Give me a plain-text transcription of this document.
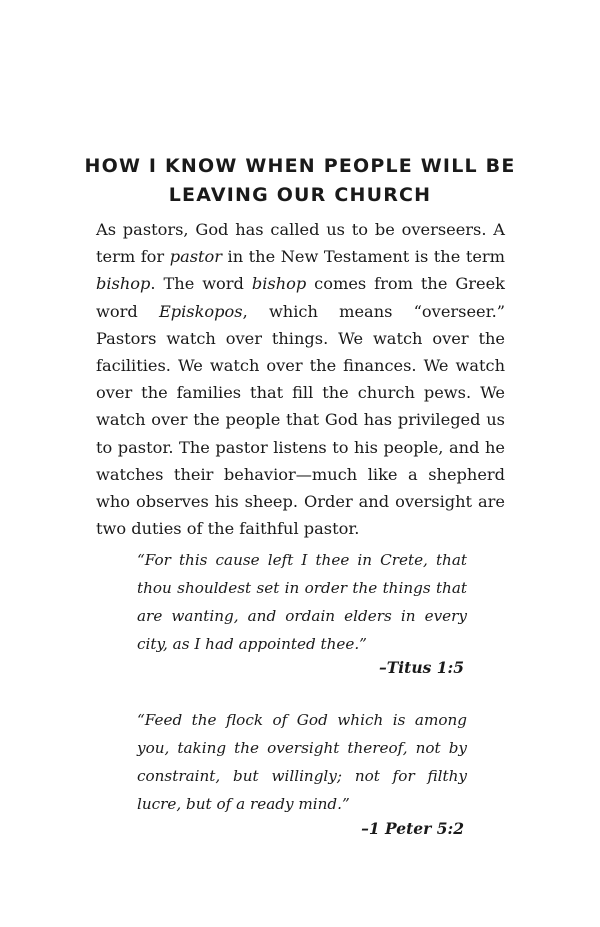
HOW I KNOW WHEN PEOPLE WILL BE
LEAVING OUR CHURCH

As pastors, God has called us to be overseers. A term for pastor in the New Testament is the term bishop. The word bishop comes from the Greek word Episkopos, which means “overseer.” Pastors watch over things. We watch over the facilities. We watch over the finances. We watch over the families that fill the church pews. We watch over the people that God has privileged us to pastor. The pastor listens to his people, and he watches their behavior—much like a shepherd who observes his sheep. Order and oversight are two duties of the faithful pastor.

“For this cause left I thee in Crete, that thou shouldest set in order the things that are wanting, and ordain elders in every city, as I had appointed thee.”

–Titus 1:5

“Feed the flock of God which is among you, taking the oversight thereof, not by constraint, but willingly; not for filthy lucre, but of a ready mind.”

–1 Peter 5:2
